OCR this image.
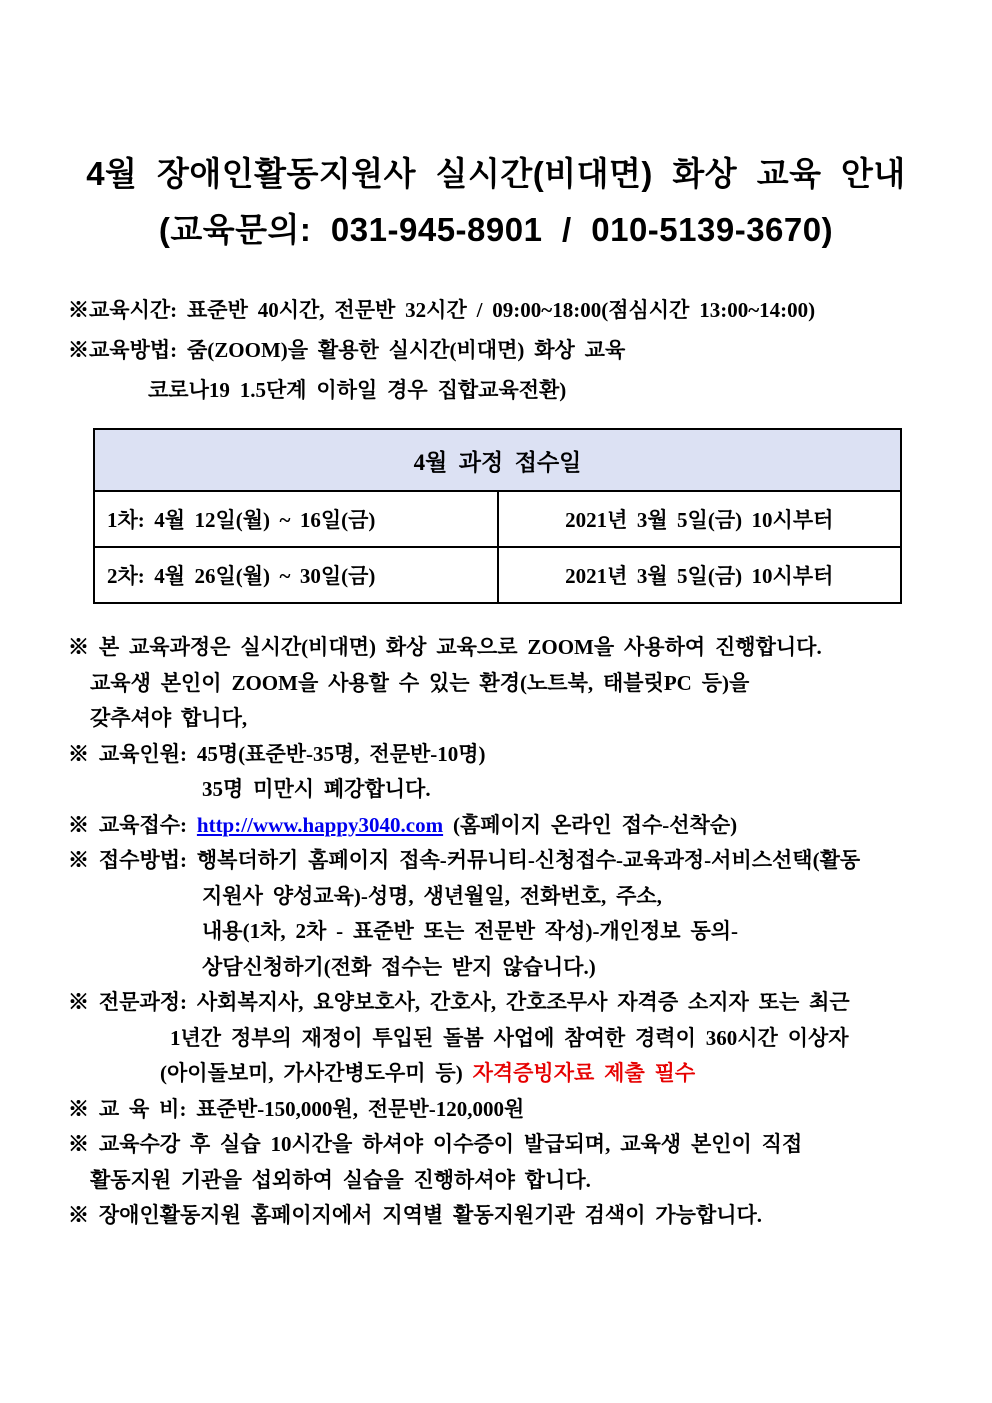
4월 장애인활동지원사 실시간(비대면) 화상 교육 안내
(교육문의: 031-945-8901 / 010-5139-3670)
※교육시간: 표준반 40시간, 전문반 32시간 / 09:00~18:00(점심시간 13:00~14:00)
※교육방법: 줌(ZOOM)을 활용한 실시간(비대면) 화상 교육
코로나19 1.5단계 이하일 경우 집합교육전환)
4월 과정 접수일	
1차: 4월 12일(월) ~ 16일(금)	2021년 3월 5일(금) 10시부터
2차: 4월 26일(월) ~ 30일(금)	2021년 3월 5일(금) 10시부터
※ 본 교육과정은 실시간(비대면) 화상 교육으로 ZOOM을 사용하여 진행합니다.
교육생 본인이 ZOOM을 사용할 수 있는 환경(노트북, 태블릿PC 등)을
갖추셔야 합니다,
※ 교육인원: 45명(표준반-35명, 전문반-10명)
35명 미만시 폐강합니다.
※ 교육접수: http://www.happy3040.com (홈페이지 온라인 접수-선착순)
※ 접수방법: 행복더하기 홈페이지 접속-커뮤니티-신청접수-교육과정-서비스선택(활동
지원사 양성교육)-성명, 생년월일, 전화번호, 주소,
내용(1차, 2차 - 표준반 또는 전문반 작성)-개인정보 동의-
상담신청하기(전화 접수는 받지 않습니다.)
※ 전문과정: 사회복지사, 요양보호사, 간호사, 간호조무사 자격증 소지자 또는 최근
1년간 정부의 재정이 투입된 돌봄 사업에 참여한 경력이 360시간 이상자
(아이돌보미, 가사간병도우미 등) 자격증빙자료 제출 필수
※ 교 육 비: 표준반-150,000원, 전문반-120,000원
※ 교육수강 후 실습 10시간을 하셔야 이수증이 발급되며, 교육생 본인이 직접
활동지원 기관을 섭외하여 실습을 진행하셔야 합니다.
※ 장애인활동지원 홈페이지에서 지역별 활동지원기관 검색이 가능합니다.
